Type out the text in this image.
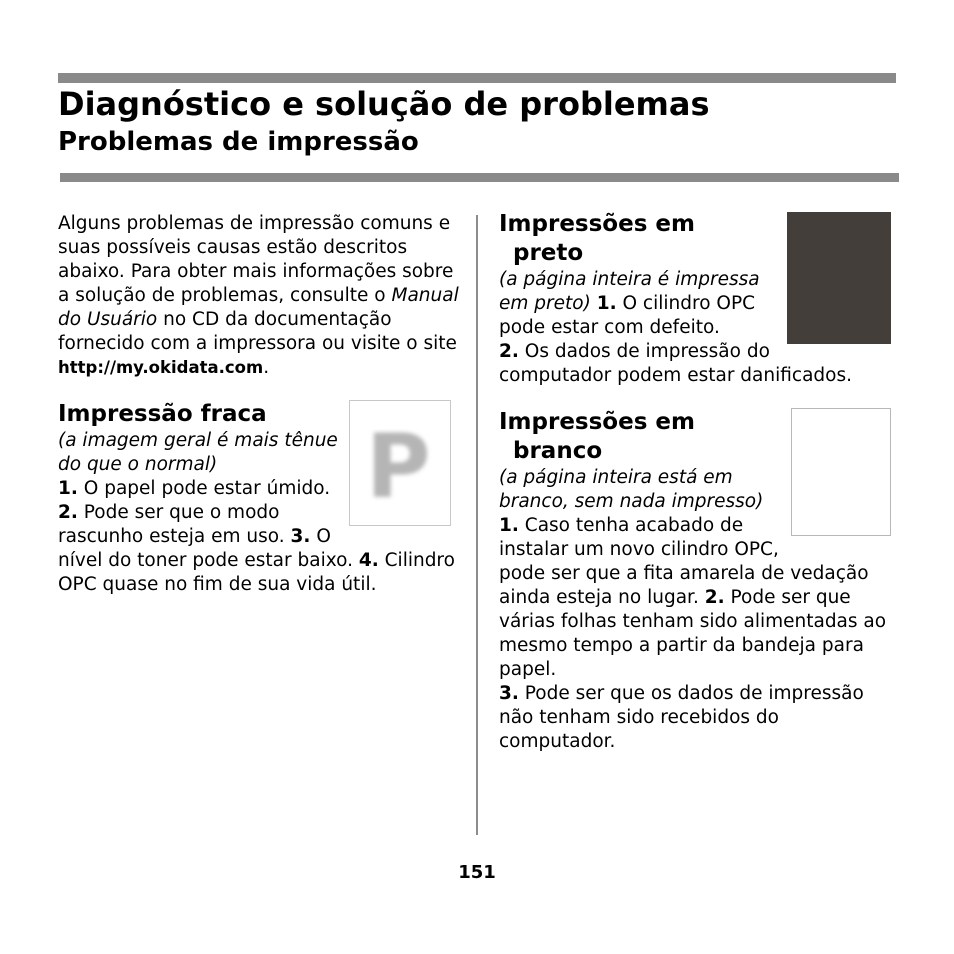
Diagnóstico e solução de problemas
Problemas de impressão

Alguns problemas de impressão comuns e suas possíveis causas estão descritos abaixo. Para obter mais informações sobre a solução de problemas, consulte o Manual do Usuário no CD da documentação fornecido com a impressora ou visite o site http://my.okidata.com.

P

Impressão fraca

(a imagem geral é mais tênue do que o normal)
1. O papel pode estar úmido. 2. Pode ser que o modo rascunho esteja em uso. 3. O nível do toner pode estar baixo. 4. Cilindro OPC quase no fim de sua vida útil.

Impressões em
preto

(a página inteira é impressa em preto) 1. O cilindro OPC pode estar com defeito.
2. Os dados de impressão do computador podem estar danificados.

Impressões em
branco

(a página inteira está em branco, sem nada impresso) 1. Caso tenha acabado de instalar um novo cilindro OPC, pode ser que a fita amarela de vedação ainda esteja no lugar. 2. Pode ser que várias folhas tenham sido alimentadas ao mesmo tempo a partir da bandeja para papel.
3. Pode ser que os dados de impressão não tenham sido recebidos do computador.

151
